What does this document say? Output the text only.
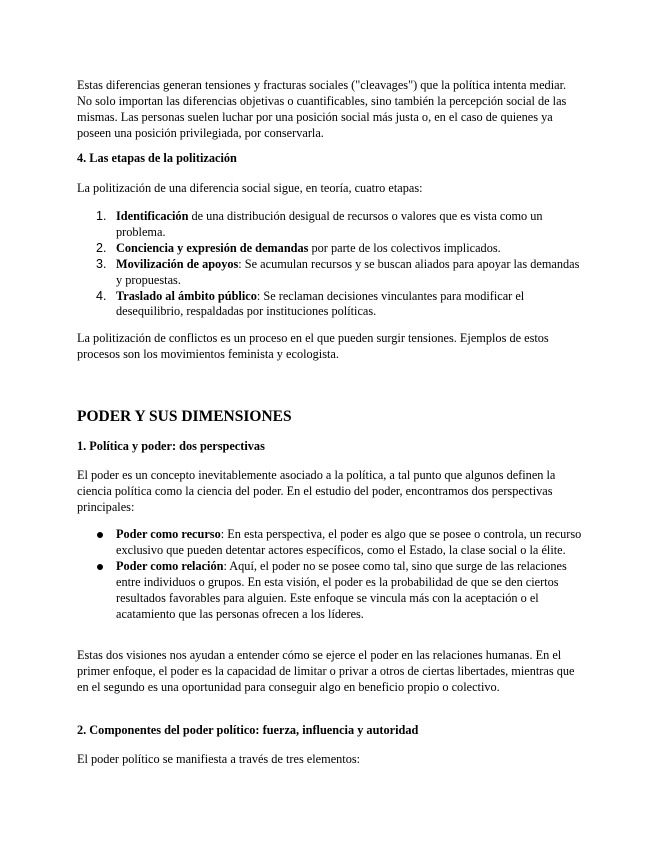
Estas diferencias generan tensiones y fracturas sociales ("cleavages") que la política intenta mediar. No solo importan las diferencias objetivas o cuantificables, sino también la percepción social de las mismas. Las personas suelen luchar por una posición social más justa o, en el caso de quienes ya poseen una posición privilegiada, por conservarla.

4. Las etapas de la politización

La politización de una diferencia social sigue, en teoría, cuatro etapas:

1. Identificación de una distribución desigual de recursos o valores que es vista como un problema.
2. Conciencia y expresión de demandas por parte de los colectivos implicados.
3. Movilización de apoyos: Se acumulan recursos y se buscan aliados para apoyar las demandas y propuestas.
4. Traslado al ámbito público: Se reclaman decisiones vinculantes para modificar el desequilibrio, respaldadas por instituciones políticas.

La politización de conflictos es un proceso en el que pueden surgir tensiones. Ejemplos de estos procesos son los movimientos feminista y ecologista.

PODER Y SUS DIMENSIONES

1. Política y poder: dos perspectivas

El poder es un concepto inevitablemente asociado a la política, a tal punto que algunos definen la ciencia política como la ciencia del poder. En el estudio del poder, encontramos dos perspectivas principales:

Poder como recurso: En esta perspectiva, el poder es algo que se posee o controla, un recurso exclusivo que pueden detentar actores específicos, como el Estado, la clase social o la élite.
Poder como relación: Aquí, el poder no se posee como tal, sino que surge de las relaciones entre individuos o grupos. En esta visión, el poder es la probabilidad de que se den ciertos resultados favorables para alguien. Este enfoque se vincula más con la aceptación o el acatamiento que las personas ofrecen a los líderes.

Estas dos visiones nos ayudan a entender cómo se ejerce el poder en las relaciones humanas. En el primer enfoque, el poder es la capacidad de limitar o privar a otros de ciertas libertades, mientras que en el segundo es una oportunidad para conseguir algo en beneficio propio o colectivo.

2. Componentes del poder político: fuerza, influencia y autoridad

El poder político se manifiesta a través de tres elementos:
